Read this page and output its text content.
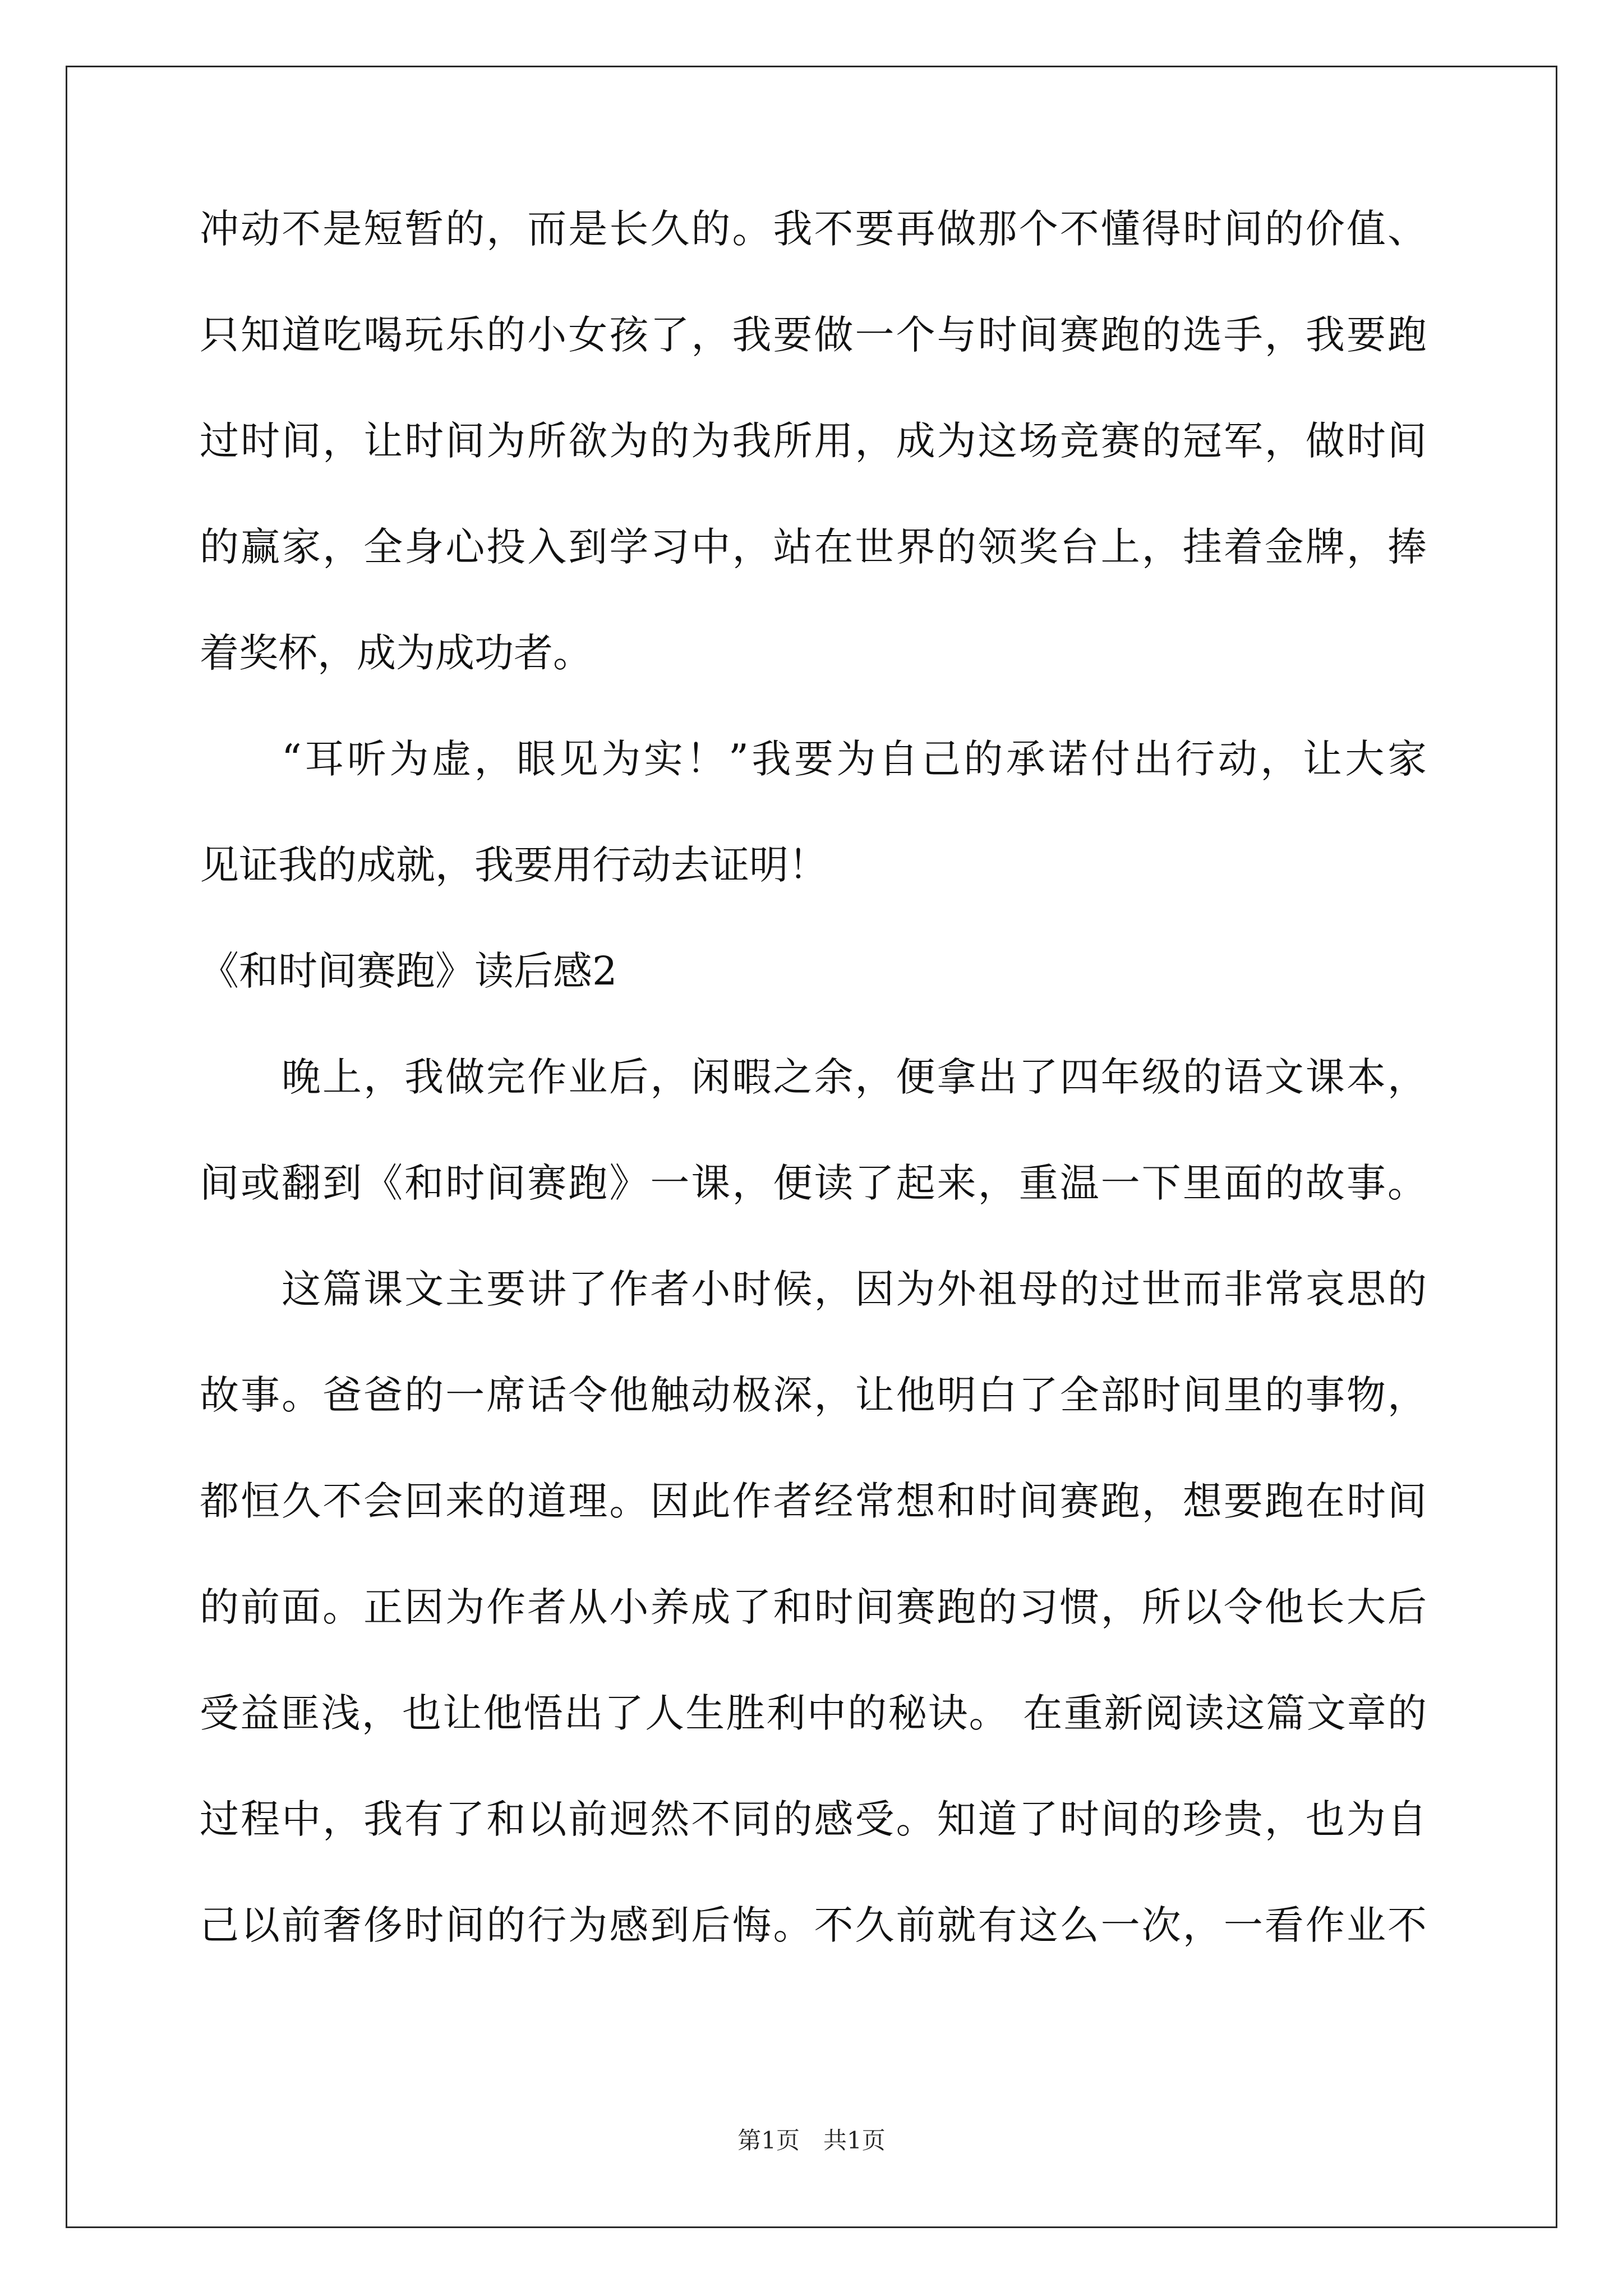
冲动不是短暂的，而是长久的。我不要再做那个不懂得时间的价值、
只知道吃喝玩乐的小女孩了，我要做一个与时间赛跑的选手，我要跑
过时间，让时间为所欲为的为我所用，成为这场竞赛的冠军，做时间
的赢家，全身心投入到学习中，站在世界的领奖台上，挂着金牌，捧
着奖杯，成为成功者。
“耳听为虚，眼见为实！”我要为自己的承诺付出行动，让大家
见证我的成就，我要用行动去证明！
《和时间赛跑》读后感2
晚上，我做完作业后，闲暇之余，便拿出了四年级的语文课本，
间或翻到《和时间赛跑》一课，便读了起来，重温一下里面的故事。
这篇课文主要讲了作者小时候，因为外祖母的过世而非常哀思的
故事。爸爸的一席话令他触动极深，让他明白了全部时间里的事物，
都恒久不会回来的道理。因此作者经常想和时间赛跑，想要跑在时间
的前面。正因为作者从小养成了和时间赛跑的习惯，所以令他长大后
受益匪浅，也让他悟出了人生胜利中的秘诀。 在重新阅读这篇文章的
过程中，我有了和以前迥然不同的感受。知道了时间的珍贵，也为自
己以前奢侈时间的行为感到后悔。不久前就有这么一次，一看作业不
第1页　共1页
